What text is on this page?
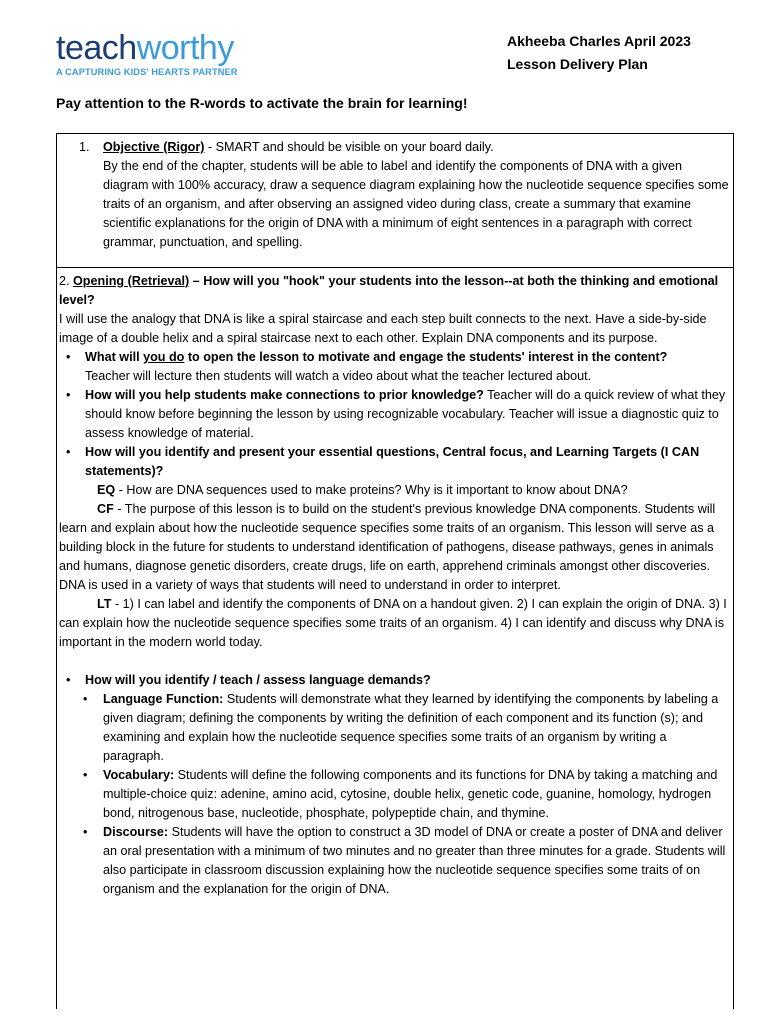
teachworthy
A CAPTURING KIDS' HEARTS PARTNER
Akheeba Charles April 2023
Lesson Delivery Plan
Pay attention to the R-words to activate the brain for learning!
1. Objective (Rigor) - SMART and should be visible on your board daily.
By the end of the chapter, students will be able to label and identify the components of DNA with a given diagram with 100% accuracy, draw a sequence diagram explaining how the nucleotide sequence specifies some traits of an organism, and after observing an assigned video during class, create a summary that examine scientific explanations for the origin of DNA with a minimum of eight sentences in a paragraph with correct grammar, punctuation, and spelling.
2. Opening (Retrieval) – How will you "hook" your students into the lesson--at both the thinking and emotional level?
I will use the analogy that DNA is like a spiral staircase and each step built connects to the next. Have a side-by-side image of a double helix and a spiral staircase next to each other. Explain DNA components and its purpose.
• What will you do to open the lesson to motivate and engage the students' interest in the content?
Teacher will lecture then students will watch a video about what the teacher lectured about.
• How will you help students make connections to prior knowledge? Teacher will do a quick review of what they should know before beginning the lesson by using recognizable vocabulary. Teacher will issue a diagnostic quiz to assess knowledge of material.
• How will you identify and present your essential questions, Central focus, and Learning Targets (I CAN statements)?
EQ - How are DNA sequences used to make proteins? Why is it important to know about DNA?
CF - The purpose of this lesson is to build on the student's previous knowledge DNA components. Students will learn and explain about how the nucleotide sequence specifies some traits of an organism. This lesson will serve as a building block in the future for students to understand identification of pathogens, disease pathways, genes in animals and humans, diagnose genetic disorders, create drugs, life on earth, apprehend criminals amongst other discoveries. DNA is used in a variety of ways that students will need to understand in order to interpret.
LT - 1) I can label and identify the components of DNA on a handout given. 2) I can explain the origin of DNA. 3) I can explain how the nucleotide sequence specifies some traits of an organism. 4) I can identify and discuss why DNA is important in the modern world today.
• How will you identify / teach / assess language demands?
• Language Function: Students will demonstrate what they learned by identifying the components by labeling a given diagram; defining the components by writing the definition of each component and its function (s); and examining and explain how the nucleotide sequence specifies some traits of an organism by writing a paragraph.
• Vocabulary: Students will define the following components and its functions for DNA by taking a matching and multiple-choice quiz: adenine, amino acid, cytosine, double helix, genetic code, guanine, homology, hydrogen bond, nitrogenous base, nucleotide, phosphate, polypeptide chain, and thymine.
• Discourse: Students will have the option to construct a 3D model of DNA or create a poster of DNA and deliver an oral presentation with a minimum of two minutes and no greater than three minutes for a grade. Students will also participate in classroom discussion explaining how the nucleotide sequence specifies some traits of on organism and the explanation for the origin of DNA.
